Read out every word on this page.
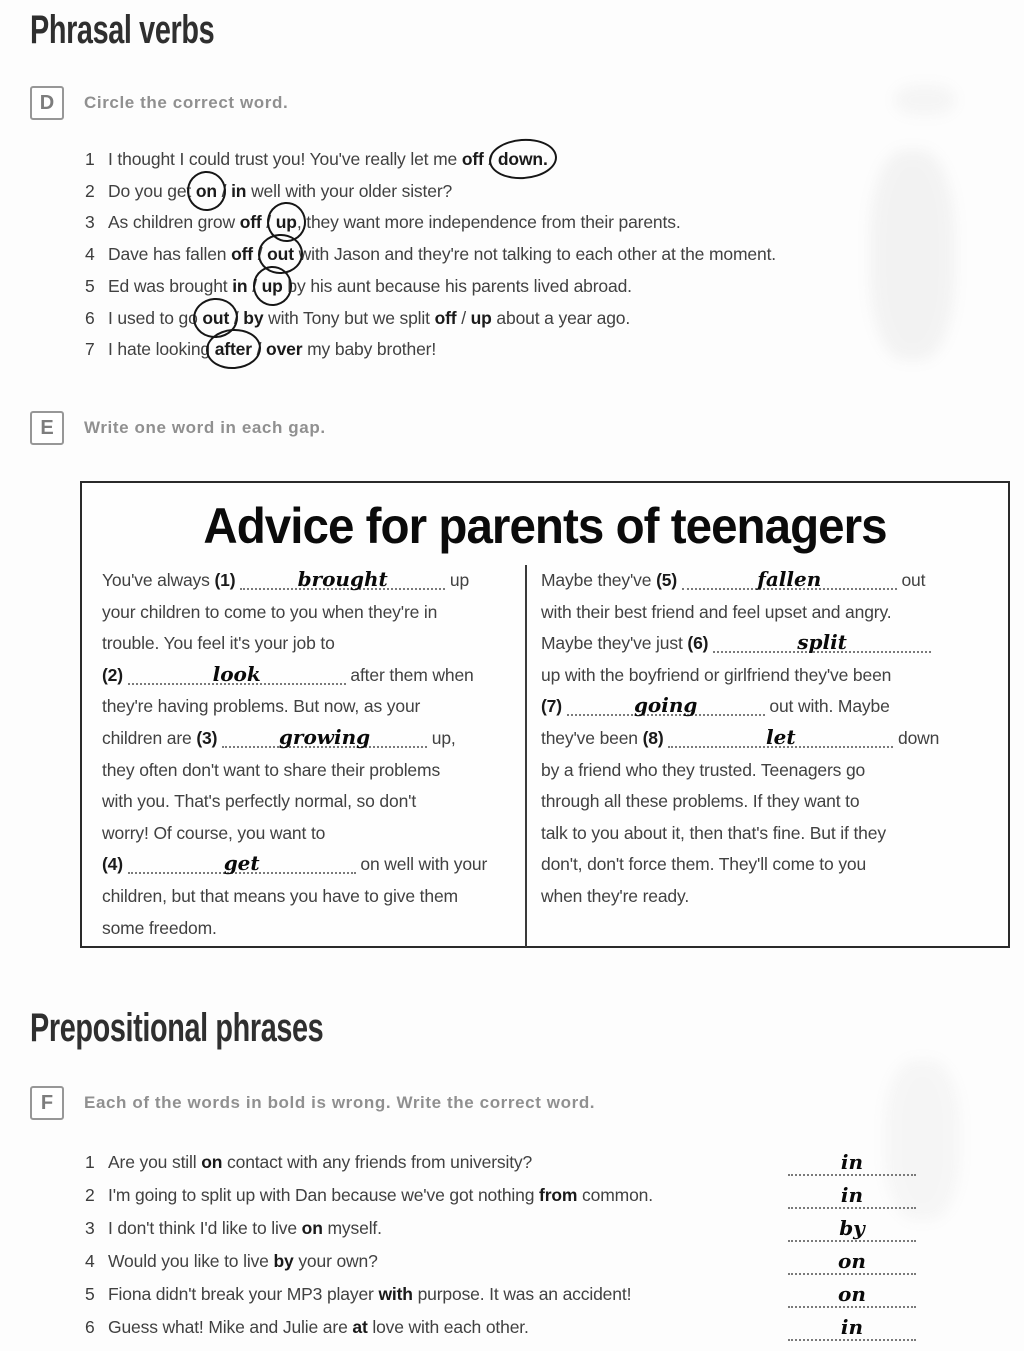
Phrasal verbs
D	Circle the correct word.
1 I thought I could trust you! You've really let me off / down.
2 Do you get on / in well with your older sister?
3 As children grow off / up, they want more independence from their parents.
4 Dave has fallen off / out with Jason and they're not talking to each other at the moment.
5 Ed was brought in / up by his aunt because his parents lived abroad.
6 I used to go out / by with Tony but we split off / up about a year ago.
7 I hate looking after / over my baby brother!
E	Write one word in each gap.
Advice for parents of teenagers
You've always (1)	brought	up
your children to come to you when they're in
trouble. You feel it's your job to
(2)	look	after them when
they're having problems. But now, as your
children are (3)	growing	up,
they often don't want to share their problems
with you. That's perfectly normal, so don't
worry! Of course, you want to
(4)	get	on well with your
children, but that means you have to give them
some freedom.
Maybe they've (5)	fallen	out
with their best friend and feel upset and angry.
Maybe they've just (6)	split
up with the boyfriend or girlfriend they've been
(7)	going	out with. Maybe
they've been (8)	let	down
by a friend who they trusted. Teenagers go
through all these problems. If they want to
talk to you about it, then that's fine. But if they
don't, don't force them. They'll come to you
when they're ready.
Prepositional phrases
F	Each of the words in bold is wrong. Write the correct word.
1 Are you still on contact with any friends from university?	in
2 I'm going to split up with Dan because we've got nothing from common.	in
3 I don't think I'd like to live on myself.	by
4 Would you like to live by your own?	on
5 Fiona didn't break your MP3 player with purpose. It was an accident!	on
6 Guess what! Mike and Julie are at love with each other.	in
